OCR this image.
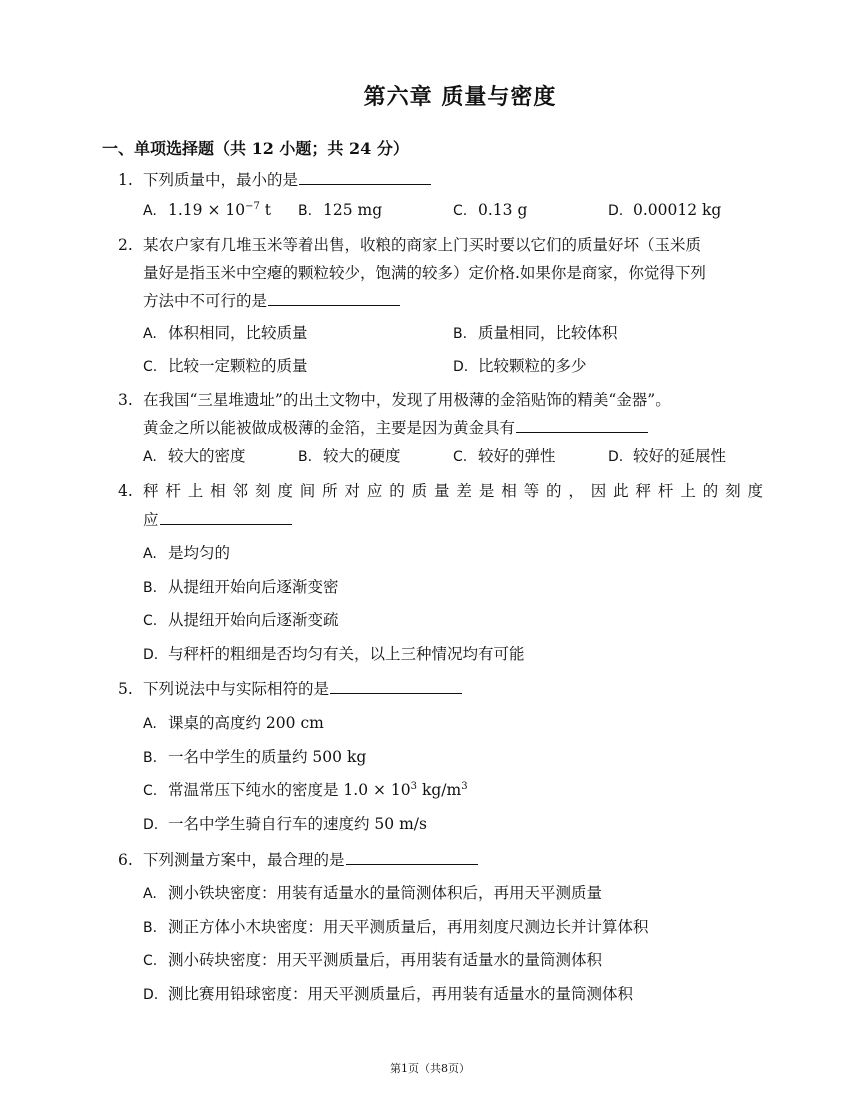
第六章 质量与密度

一、单项选择题（共 12 小题；共 24 分）

1. 下列质量中，最小的是
A. $1.19 \times 10^{-7}$ t	B. 125 mg	C. 0.13 g	D. 0.00012 kg
2. 某农户家有几堆玉米等着出售，收粮的商家上门买时要以它们的质量好坏（玉米质
量好是指玉米中空瘪的颗粒较少，饱满的较多）定价格.如果你是商家，你觉得下列
方法中不可行的是
A. 体积相同，比较质量	B. 质量相同，比较体积
C. 比较一定颗粒的质量	D. 比较颗粒的多少
3. 在我国“三星堆遗址”的出土文物中，发现了用极薄的金箔贴饰的精美“金器”。
黄金之所以能被做成极薄的金箔，主要是因为黄金具有
A. 较大的密度	B. 较大的硬度	C. 较好的弹性	D. 较好的延展性
4. 秤杆上相邻刻度间所对应的质量差是相等的，因此秤杆上的刻度
应
A. 是均匀的
B. 从提纽开始向后逐渐变密
C. 从提纽开始向后逐渐变疏
D. 与秤杆的粗细是否均匀有关，以上三种情况均有可能
5. 下列说法中与实际相符的是
A. 课桌的高度约 200 cm
B. 一名中学生的质量约 500 kg
C. 常温常压下纯水的密度是 $1.0 \times 10^3$ $kg/m^3$
D. 一名中学生骑自行车的速度约 50 m/s
6. 下列测量方案中，最合理的是
A. 测小铁块密度：用装有适量水的量筒测体积后，再用天平测质量
B. 测正方体小木块密度：用天平测质量后，再用刻度尺测边长并计算体积
C. 测小砖块密度：用天平测质量后，再用装有适量水的量筒测体积
D. 测比赛用铅球密度：用天平测质量后，再用装有适量水的量筒测体积
第1页（共8页）
